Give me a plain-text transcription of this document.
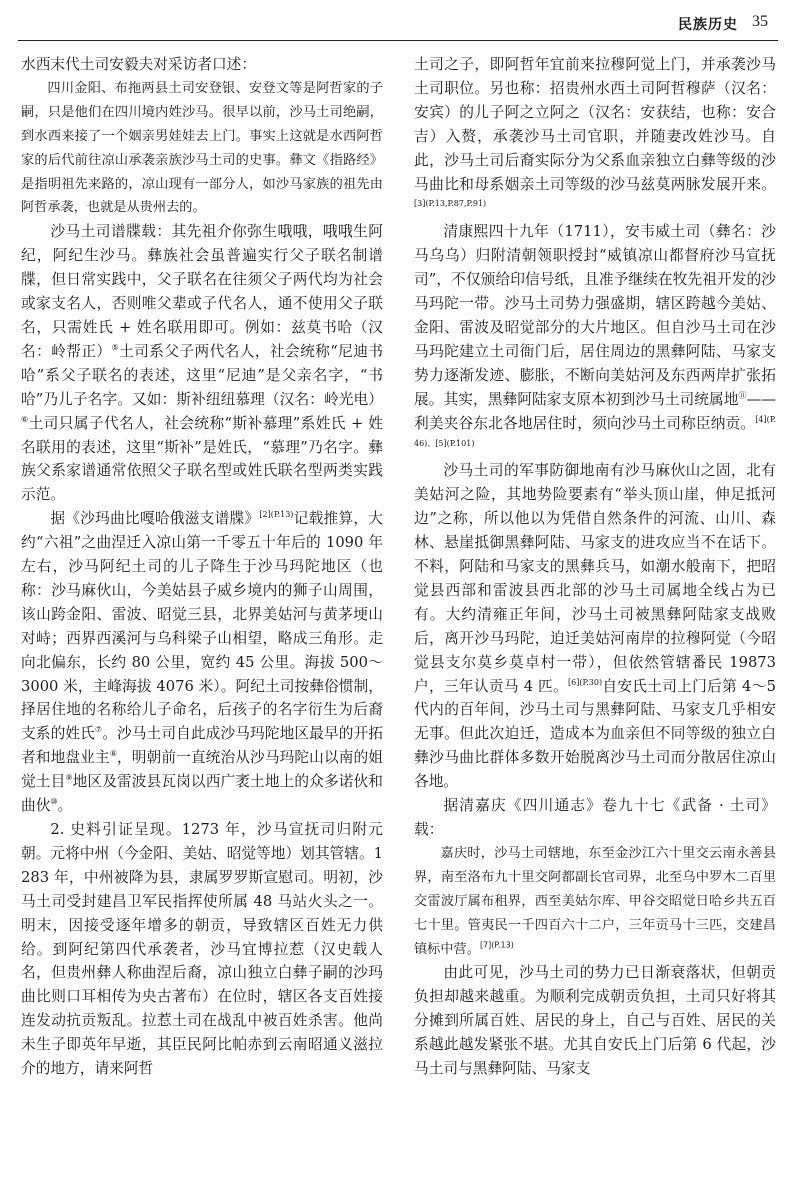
民族历史 35

水西末代土司安毅夫对采访者口述：

四川金阳、布拖两县土司安登银、安登文等是阿哲家的子嗣，只是他们在四川境内姓沙马。很早以前，沙马土司绝嗣，到水西来接了一个姻亲男娃娃去上门。事实上这就是水西阿哲家的后代前往凉山承袭亲族沙马土司的史事。彝文《指路经》是指明祖先来路的，凉山现有一部分人，如沙马家族的祖先由阿哲承袭，也就是从贵州去的。

沙马土司谱牒载：其先祖介你弥生哦哦，哦哦生阿纪，阿纪生沙马。彝族社会虽普遍实行父子联名制谱牒，但日常实践中，父子联名在往须父子两代均为社会或家支名人，否则唯父辈或子代名人，通不使用父子联名，只需姓氏 + 姓名联用即可。例如：兹莫书哈（汉名：岭帮正）⑤土司系父子两代名人，社会统称“尼迪书哈”系父子联名的表述，这里“尼迪”是父亲名字，“书哈”乃儿子名字。又如：斯补纽纽慕理（汉名：岭光电）⑥土司只属子代名人，社会统称“斯补慕理”系姓氏 + 姓名联用的表述，这里“斯补”是姓氏，“慕理”乃名字。彝族父系家谱通常依照父子联名型或姓氏联名型两类实践示范。

据《沙玛曲比嘎哈俄滋支谱牒》$^{[2](P.13)}$记载推算，大约“六祖”之曲涅迁入凉山第一千零五十年后的 1090 年左右，沙马阿纪土司的儿子降生于沙马玛陀地区（也称：沙马麻伙山，今美姑县子威乡境内的狮子山周围，该山跨金阳、雷波、昭觉三县，北界美姑河与黄茅埂山对峙；西界西溪河与乌科梁子山相望，略成三角形。走向北偏东，长约 80 公里，宽约 45 公里。海拔 500～3000 米，主峰海拔 4076 米）。阿纪土司按彝俗惯制，择居住地的名称给儿子命名，后孩子的名字衍生为后裔支系的姓氏⑦。沙马土司自此成沙马玛陀地区最早的开拓者和地盘业主⑧，明朝前一直统治从沙马玛陀山以南的姐觉土目⑨地区及雷波县瓦岗以西广袤土地上的众多诺伙和曲伙⑩。

2. 史料引证呈现。1273 年，沙马宣抚司归附元朝。元将中州（今金阳、美姑、昭觉等地）划其管辖。1283 年，中州被降为县，隶属罗罗斯宣慰司。明初，沙马土司受封建昌卫军民指挥使所属 48 马站火头之一。明末，因接受逐年增多的朝贡，导致辖区百姓无力供给。到阿纪第四代承袭者，沙马宜博拉惹（汉史载人名，但贵州彝人称曲涅后裔，凉山独立白彝子嗣的沙玛曲比则口耳相传为央古著布）在位时，辖区各支百姓接连发动抗贡叛乱。拉惹土司在战乱中被百姓杀害。他尚未生子即英年早逝，其臣民阿比帕赤到云南昭通义滋拉介的地方，请来阿哲

土司之子，即阿哲年宜前来拉穆阿觉上门，并承袭沙马土司职位。另也称：招贵州水西土司阿哲穆萨（汉名：安宾）的儿子阿之立阿之（汉名：安获结，也称：安合吉）入赘，承袭沙马土司官职，并随妻改姓沙马。自此，沙马土司后裔实际分为父系血亲独立白彝等级的沙马曲比和母系姻亲土司等级的沙马兹莫两脉发展开来。$^{[3](P.13,P.87,P.91)}$

清康熙四十九年（1711），安韦威土司（彝名：沙马乌乌）归附清朝领职授封“威镇凉山都督府沙马宣抚司”，不仅颁给印信号纸，且准予继续在牧先祖开发的沙马玛陀一带。沙马土司势力强盛期，辖区跨越今美姑、金阳、雷波及昭觉部分的大片地区。但自沙马土司在沙马玛陀建立土司衙门后，居住周边的黑彝阿陆、马家支势力逐渐发迹、膨胀，不断向美姑河及东西两岸扩张拓展。其实，黑彝阿陆家支原本初到沙马土司统属地⑪——利美夹谷东北各地居住时，须向沙马土司称臣纳贡。$^{[4](P.46)、[5](P.101)}$

沙马土司的军事防御地南有沙马麻伙山之固，北有美姑河之险，其地势险要素有“举头顶山崖，伸足抵河边”之称，所以他以为凭借自然条件的河流、山川、森林、悬崖抵御黑彝阿陆、马家支的进攻应当不在话下。不料，阿陆和马家支的黑彝兵马，如潮水般南下，把昭觉县西部和雷波县西北部的沙马土司属地全线占为已有。大约清雍正年间，沙马土司被黑彝阿陆家支战败后，离开沙马玛陀，迫迁美姑河南岸的拉穆阿觉（今昭觉县支尔莫乡莫卓村一带），但依然管辖番民 19873 户，三年认贡马 4 匹。$^{[6](P.30)}$自安氏土司上门后第 4～5 代内的百年间，沙马土司与黑彝阿陆、马家支几乎相安无事。但此次迫迁，造成本为血亲但不同等级的独立白彝沙马曲比群体多数开始脱离沙马土司而分散居住凉山各地。

据清嘉庆《四川通志》卷九十七《武备 · 土司》载：

嘉庆时，沙马土司辖地，东至金沙江六十里交云南永善县界，南至洛布九十里交阿都副长官司界，北至乌中罗木二百里交雷波厅属布租界，西至美姑尔库、甲谷交昭觉日哈乡共五百七十里。管夷民一千四百六十二户，三年贡马十三匹，交建昌镇标中营。$^{[7](P.13)}$

由此可见，沙马土司的势力已日渐衰落状，但朝贡负担却越来越重。为顺利完成朝贡负担，土司只好将其分摊到所属百姓、居民的身上，自己与百姓、居民的关系越此越发紧张不堪。尤其自安氏上门后第 6 代起，沙马土司与黑彝阿陆、马家支
